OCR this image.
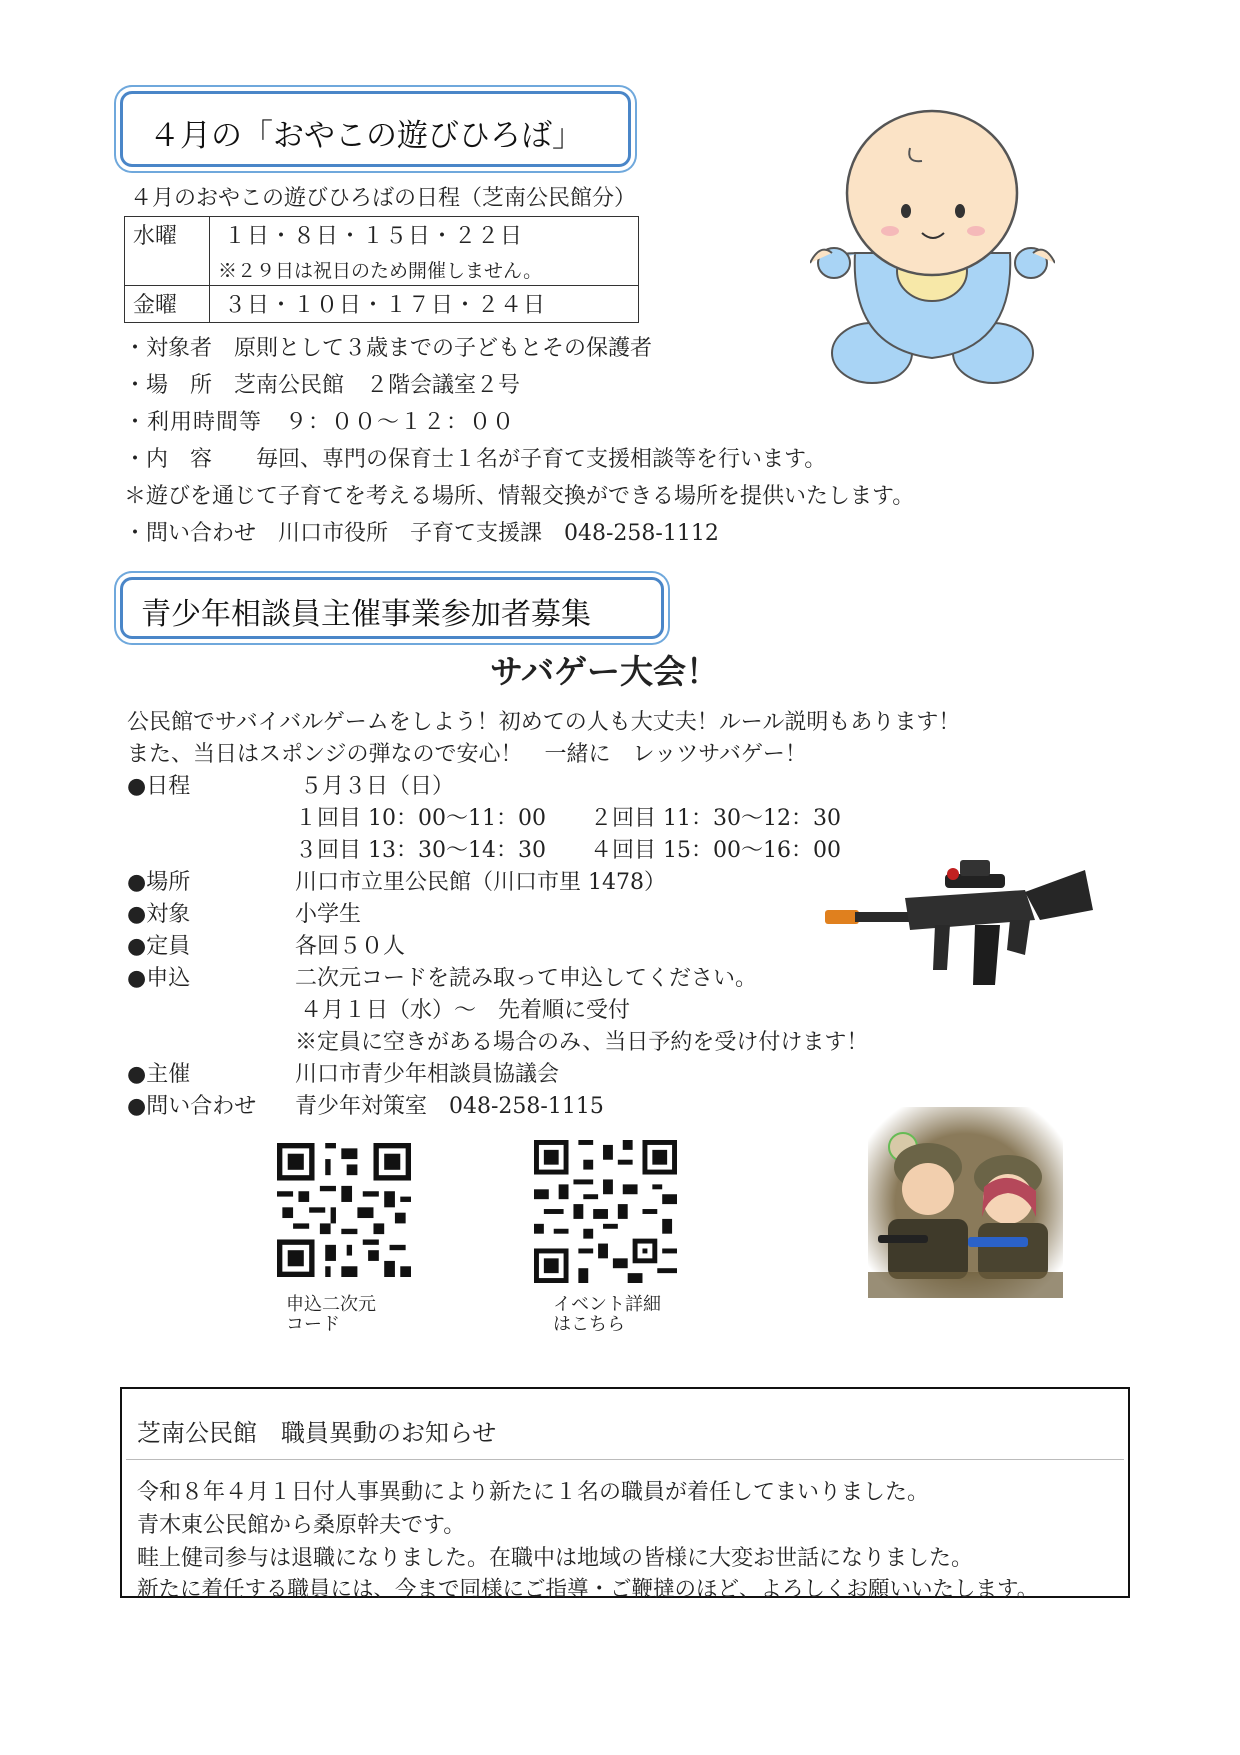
４月の「おやこの遊びひろば」
４月のおやこの遊びひろばの日程（芝南公民館分）
水曜	１日・８日・１５日・２２日
※２９日は祝日のため開催しません。

金曜	３日・１０日・１７日・２４日
・対象者　原則として３歳までの子どもとその保護者
・場　所　芝南公民館　２階会議室２号
・利用時間等　９：００～１２：００
・内　容　　毎回、専門の保育士１名が子育て支援相談等を行います。
＊遊びを通じて子育てを考える場所、情報交換ができる場所を提供いたします。
・問い合わせ　川口市役所　子育て支援課　048-258-1112
青少年相談員主催事業参加者募集
サバゲー大会！
公民館でサバイバルゲームをしよう！初めての人も大丈夫！ルール説明もあります！
また、当日はスポンジの弾なので安心！　一緒に　レッツサバゲー！
●日程	５月３日（日）
１回目 10：00～11：00　　２回目 11：30～12：30
３回目 13：30～14：30　　４回目 15：00～16：00
●場所	川口市立里公民館（川口市里 1478）
●対象	小学生
●定員	各回５０人
●申込	二次元コードを読み取って申込してください。
４月１日（水）～　先着順に受付
※定員に空きがある場合のみ、当日予約を受け付けます！
●主催	川口市青少年相談員協議会
●問い合わせ 青少年対策室　048-258-1115
申込二次元
コード
イベント詳細
はこちら
芝南公民館　職員異動のお知らせ
令和８年４月１日付人事異動により新たに１名の職員が着任してまいりました。
青木東公民館から桑原幹夫です。
畦上健司参与は退職になりました。在職中は地域の皆様に大変お世話になりました。
新たに着任する職員には、今まで同様にご指導・ご鞭撻のほど、よろしくお願いいたします。
